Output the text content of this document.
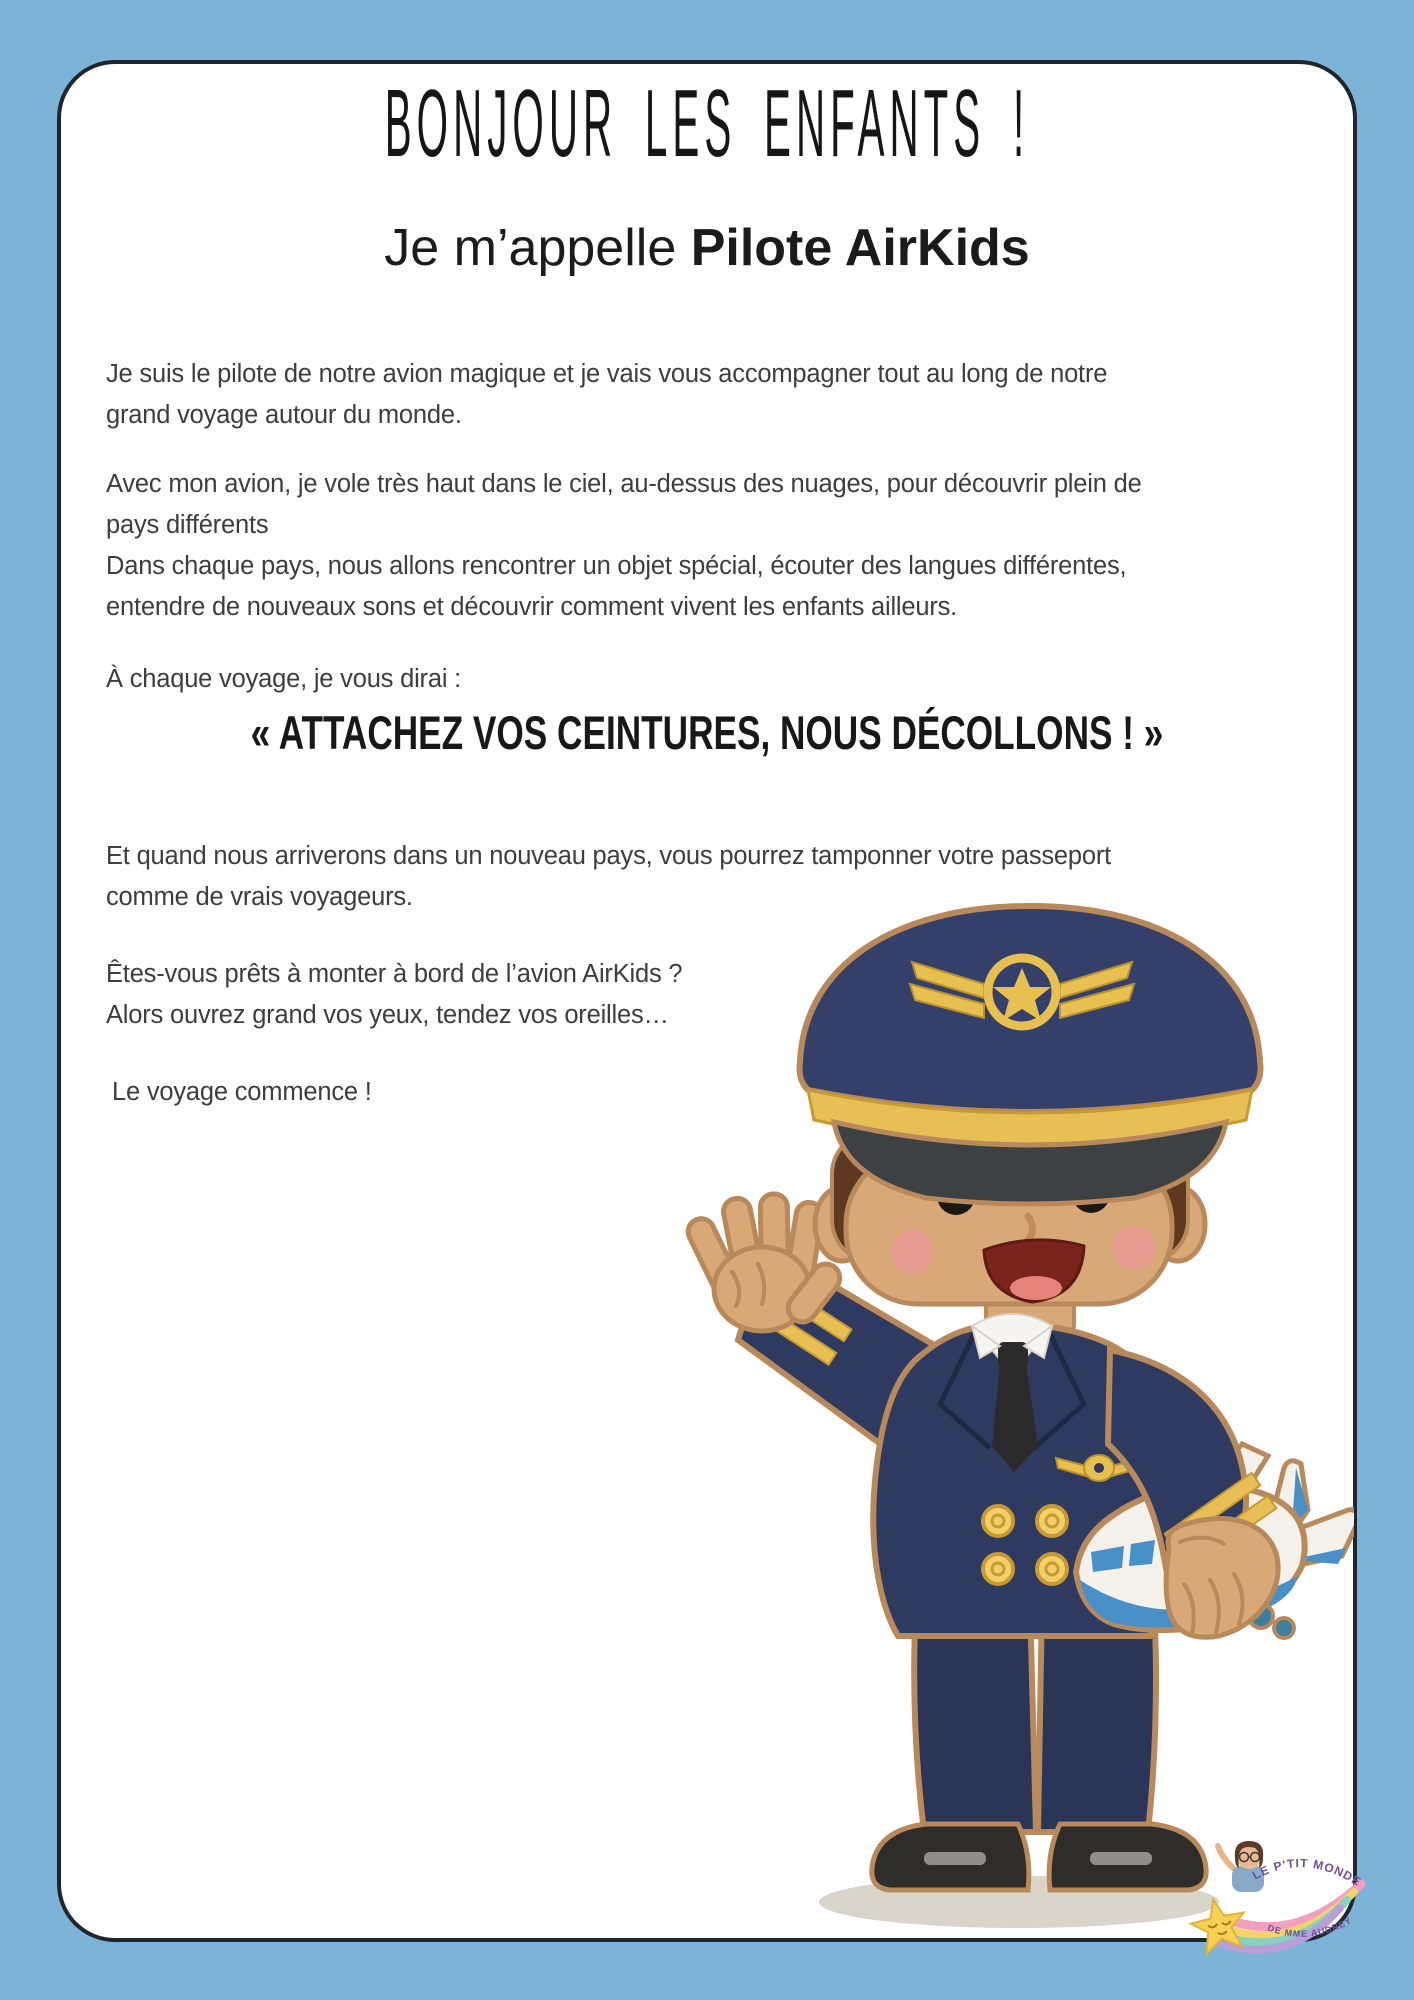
BONJOUR LES ENFANTS !
Je m’appelle Pilote AirKids
Je suis le pilote de notre avion magique et je vais vous accompagner tout au long de notre
grand voyage autour du monde.
Avec mon avion, je vole très haut dans le ciel, au-dessus des nuages, pour découvrir plein de
pays différents
Dans chaque pays, nous allons rencontrer un objet spécial, écouter des langues différentes,
entendre de nouveaux sons et découvrir comment vivent les enfants ailleurs.
À chaque voyage, je vous dirai :
« ATTACHEZ VOS CEINTURES, NOUS DÉCOLLONS ! »
Et quand nous arriverons dans un nouveau pays, vous pourrez tamponner votre passeport
comme de vrais voyageurs.
Êtes-vous prêts à monter à bord de l’avion AirKids ?
Alors ouvrez grand vos yeux, tendez vos oreilles…
Le voyage commence !
LE P'TIT MONDE
DE MME AUDREY
